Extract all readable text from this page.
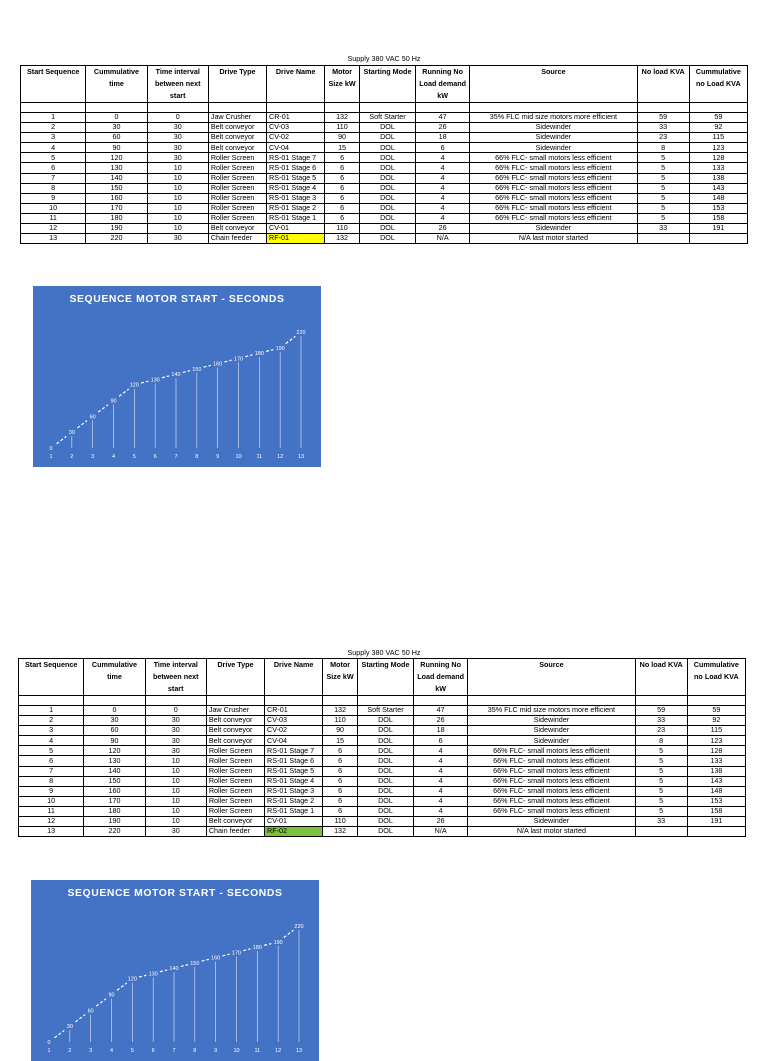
Supply 380 VAC 50 Hz
Start Sequence	Cummulative time	Time interval between next start	Drive Type	Drive Name	Motor Size kW	Starting Mode	Running No Load demand kW	Source	No load KVA	Cummulative no Load KVA

1	0	0	Jaw Crusher	CR-01	132	Soft Starter	47	35% FLC mid size motors more efficient	59	59
2	30	30	Belt conveyor	CV-03	110	DOL	26	Sidewinder	33	92
3	60	30	Belt conveyor	CV-02	90	DOL	18	Sidewinder	23	115
4	90	30	Belt conveyor	CV-04	15	DOL	6	Sidewinder	8	123
5	120	30	Roller Screen	RS-01 Stage 7	6	DOL	4	66% FLC- small motors less efficient	5	128
6	130	10	Roller Screen	RS-01 Stage 6	6	DOL	4	66% FLC- small motors less efficient	5	133
7	140	10	Roller Screen	RS-01 Stage 5	6	DOL	4	66% FLC- small motors less efficient	5	138
8	150	10	Roller Screen	RS-01 Stage 4	6	DOL	4	66% FLC- small motors less efficient	5	143
9	160	10	Roller Screen	RS-01 Stage 3	6	DOL	4	66% FLC- small motors less efficient	5	148
10	170	10	Roller Screen	RS-01 Stage 2	6	DOL	4	66% FLC- small motors less efficient	5	153
11	180	10	Roller Screen	RS-01 Stage 1	6	DOL	4	66% FLC- small motors less efficient	5	158
12	190	10	Belt conveyor	CV-01	110	DOL	26	Sidewinder	33	191
13	220	30	Chain feeder	RF-01	132	DOL	N/A	N/A last motor started		
SEQUENCE MOTOR START - SECONDS
0
30
60
90
120
130
140
150
160
170
180
190
220
1	2	3	4	5	6	7	8	9	10	11	12	13
Supply 380 VAC 50 Hz
Start Sequence	Cummulative time	Time interval between next start	Drive Type	Drive Name	Motor Size kW	Starting Mode	Running No Load demand kW	Source	No load KVA	Cummulative no Load KVA

1	0	0	Jaw Crusher	CR-01	132	Soft Starter	47	35% FLC mid size motors more efficient	59	59
2	30	30	Belt conveyor	CV-03	110	DOL	26	Sidewinder	33	92
3	60	30	Belt conveyor	CV-02	90	DOL	18	Sidewinder	23	115
4	90	30	Belt conveyor	CV-04	15	DOL	6	Sidewinder	8	123
5	120	30	Roller Screen	RS-01 Stage 7	6	DOL	4	66% FLC- small motors less efficient	5	128
6	130	10	Roller Screen	RS-01 Stage 6	6	DOL	4	66% FLC- small motors less efficient	5	133
7	140	10	Roller Screen	RS-01 Stage 5	6	DOL	4	66% FLC- small motors less efficient	5	138
8	150	10	Roller Screen	RS-01 Stage 4	6	DOL	4	66% FLC- small motors less efficient	5	143
9	160	10	Roller Screen	RS-01 Stage 3	6	DOL	4	66% FLC- small motors less efficient	5	148
10	170	10	Roller Screen	RS-01 Stage 2	6	DOL	4	66% FLC- small motors less efficient	5	153
11	180	10	Roller Screen	RS-01 Stage 1	6	DOL	4	66% FLC- small motors less efficient	5	158
12	190	10	Belt conveyor	CV-01	110	DOL	26	Sidewinder	33	191
13	220	30	Chain feeder	RF-02	132	DOL	N/A	N/A last motor started		
SEQUENCE MOTOR START - SECONDS
0
30
60
90
120
130
140
150
160
170
180
190
220
1	2	3	4	5	6	7	8	9	10	11	12	13
